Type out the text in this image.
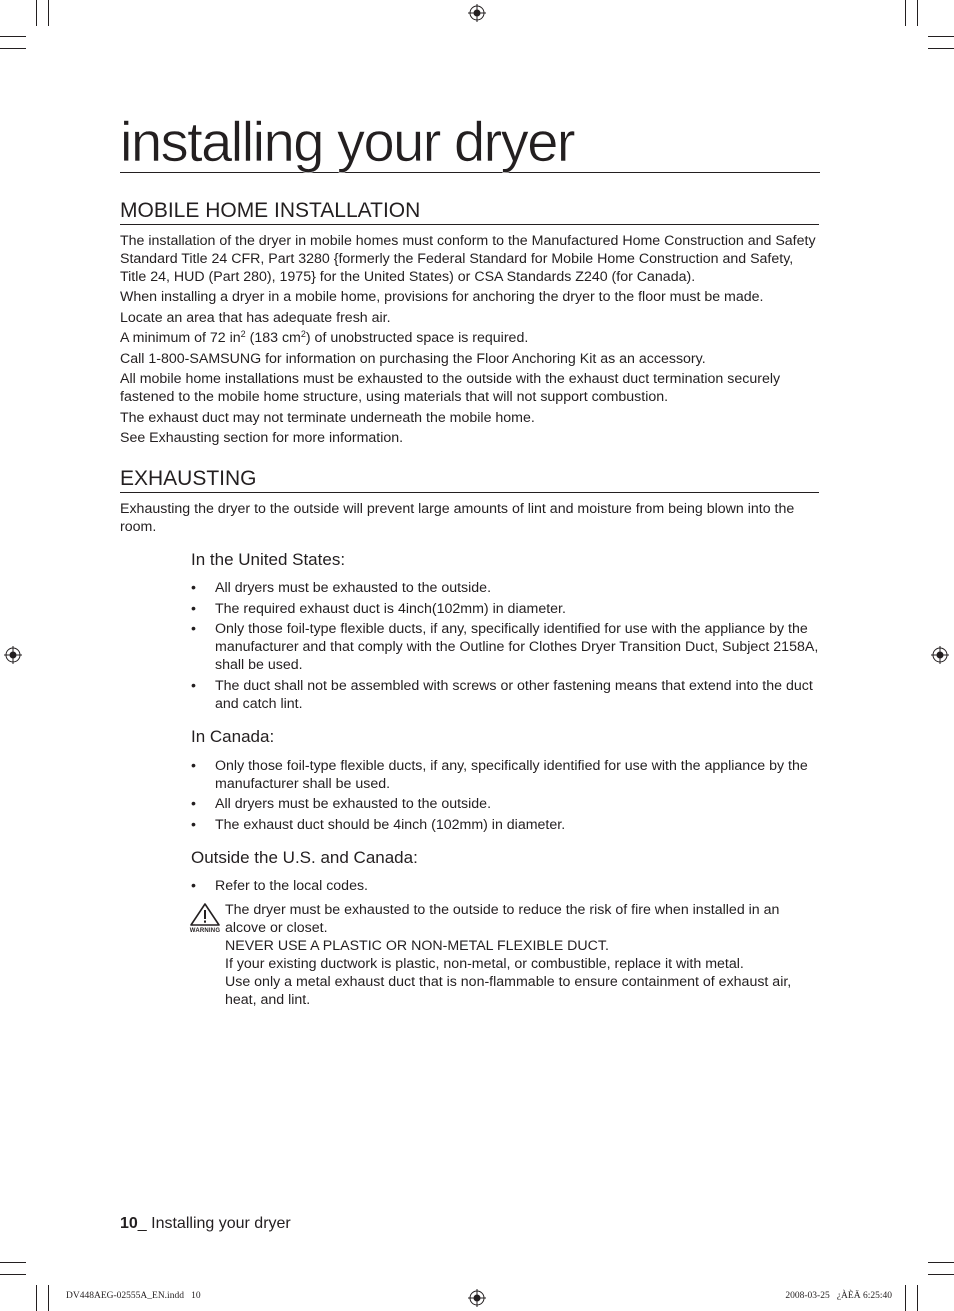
installing your dryer
MOBILE HOME INSTALLATION

The installation of the dryer in mobile homes must conform to the Manufactured Home Construction and Safety Standard Title 24 CFR, Part 3280 {formerly the Federal Standard for Mobile Home Construction and Safety, Title 24, HUD (Part 280), 1975} for the United States) or CSA Standards Z240 (for Canada).

When installing a dryer in a mobile home, provisions for anchoring the dryer to the floor must be made.

Locate an area that has adequate fresh air.

A minimum of 72 $in^2$ (183 $cm^2$) of unobstructed space is required.

Call 1-800-SAMSUNG for information on purchasing the Floor Anchoring Kit as an accessory.

All mobile home installations must be exhausted to the outside with the exhaust duct termination securely fastened to the mobile home structure, using materials that will not support combustion.

The exhaust duct may not terminate underneath the mobile home.

See Exhausting section for more information.

EXHAUSTING

Exhausting the dryer to the outside will prevent large amounts of lint and moisture from being blown into the room.

In the United States:
•	All dryers must be exhausted to the outside.
•	The required exhaust duct is 4inch(102mm) in diameter.
•	Only those foil-type flexible ducts, if any, specifically identified for use with the appliance by the manufacturer and that comply with the Outline for Clothes Dryer Transition Duct, Subject 2158A, shall be used.
•	The duct shall not be assembled with screws or other fastening means that extend into the duct and catch lint.
In Canada:
•	Only those foil-type flexible ducts, if any, specifically identified for use with the appliance by the manufacturer shall be used.
•	All dryers must be exhausted to the outside.
•	The exhaust duct should be 4inch (102mm) in diameter.
Outside the U.S. and Canada:
•	Refer to the local codes.
WARNING
The dryer must be exhausted to the outside to reduce the risk of fire when installed in an alcove or closet.
NEVER USE A PLASTIC OR NON-METAL FLEXIBLE DUCT.
If your existing ductwork is plastic, non-metal, or combustible, replace it with metal.
Use only a metal exhaust duct that is non-flammable to ensure containment of exhaust air, heat, and lint.
10_ Installing your dryer
DV448AEG-02555A_EN.indd   10	2008-03-25   ¿ÀÈÄ 6:25:40
